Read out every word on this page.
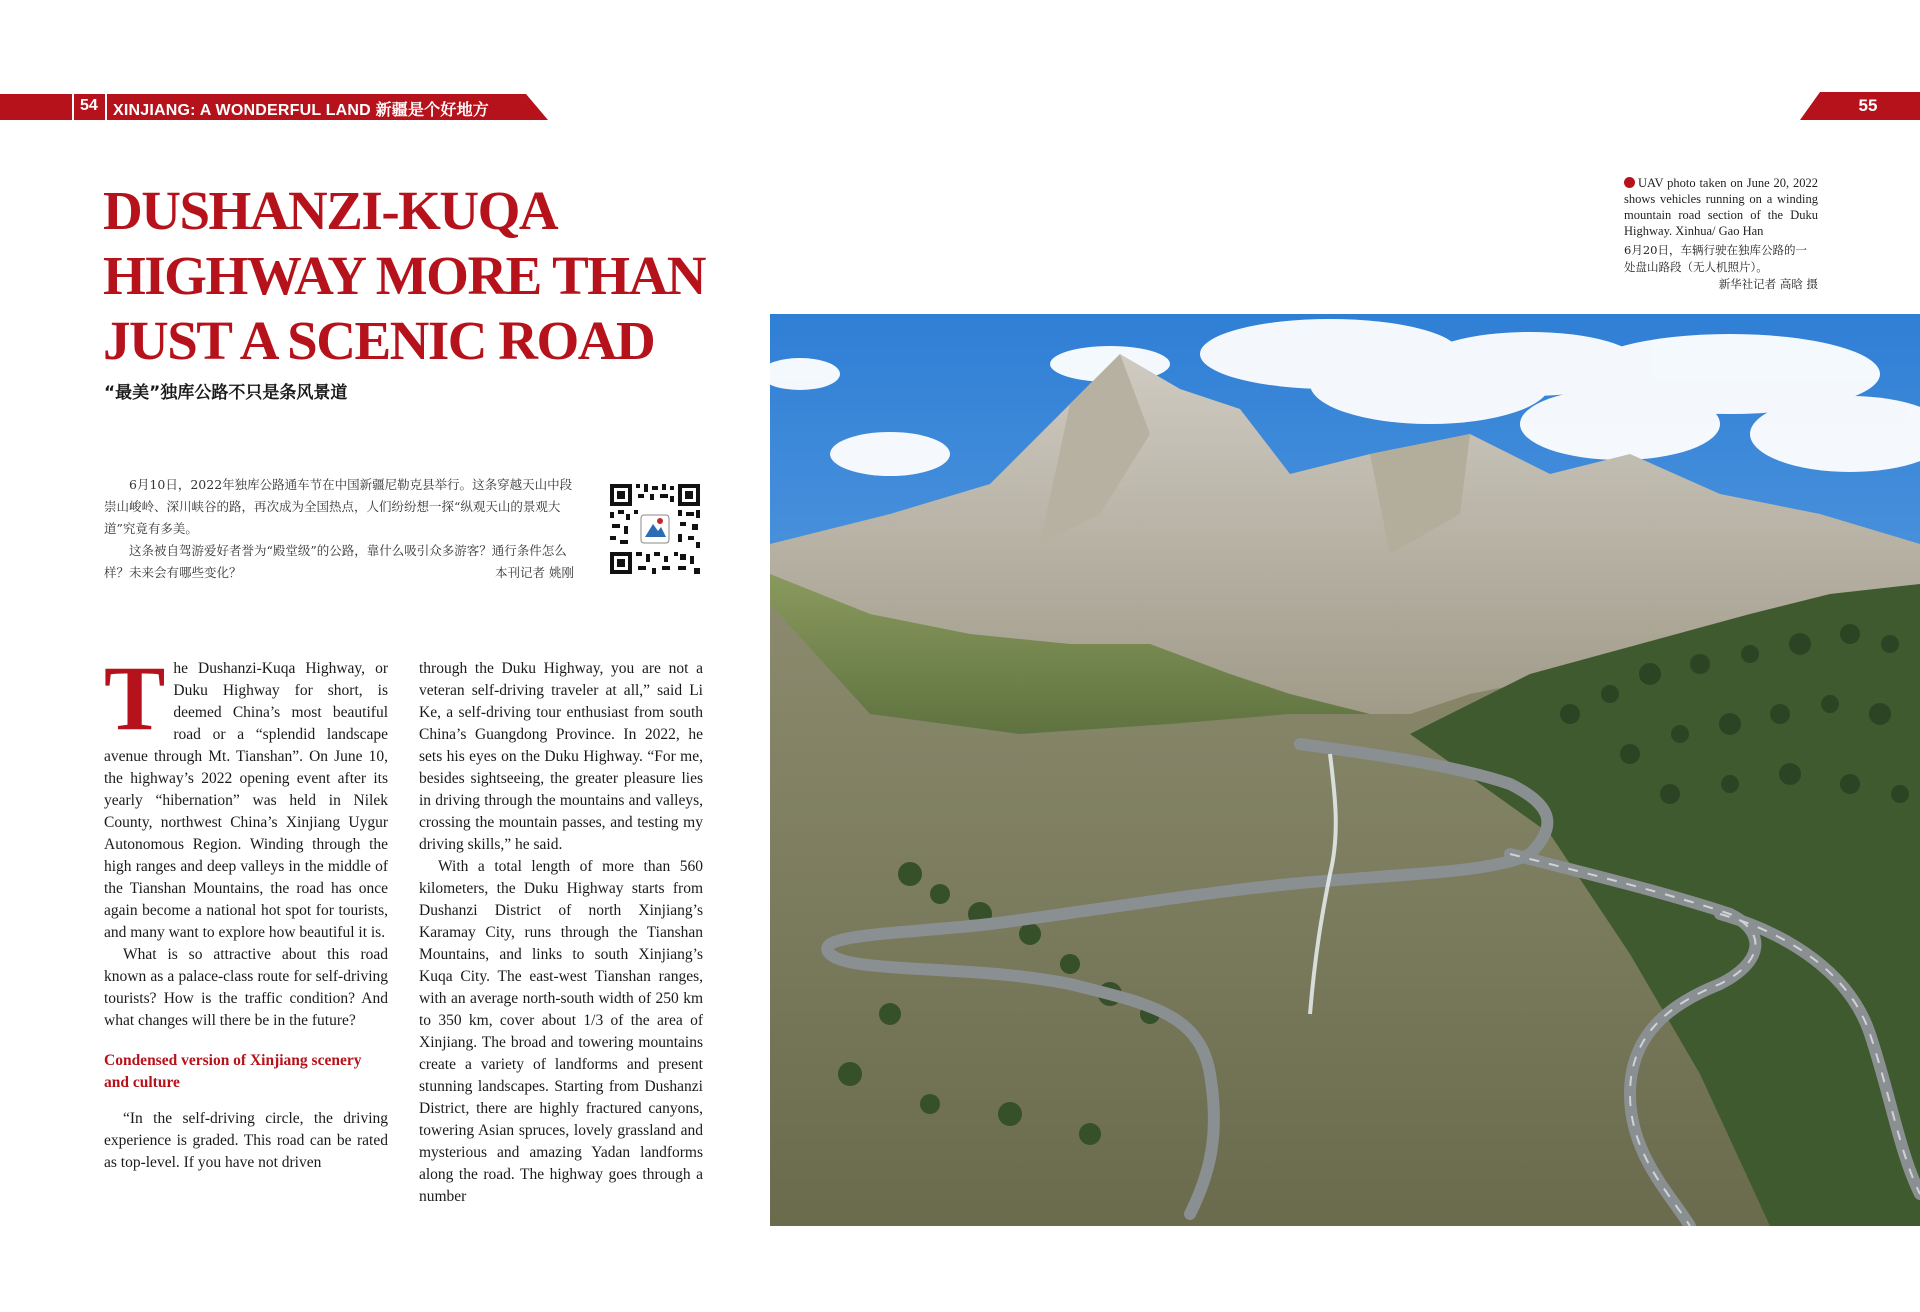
54 XINJIANG: A WONDERFUL LAND 新疆是个好地方	55
DUSHANZI-KUQA HIGHWAY MORE THAN JUST A SCENIC ROAD
“最美”独库公路不只是条风景道

6月10日，2022年独库公路通车节在中国新疆尼勒克县举行。这条穿越天山中段崇山峻岭、深川峡谷的路，再次成为全国热点，人们纷纷想一探“纵观天山的景观大道”究竟有多美。

这条被自驾游爱好者誉为“殿堂级”的公路，靠什么吸引众多游客？通行条件怎么样？未来会有哪些变化？	本刊记者 姚刚

The Dushanzi-Kuqa Highway, or Duku Highway for short, is deemed China’s most beautiful road or a “splendid landscape avenue through Mt. Tianshan”. On June 10, the highway’s 2022 opening event after its yearly “hibernation” was held in Nilek County, northwest China’s Xinjiang Uygur Autonomous Region. Winding through the high ranges and deep valleys in the middle of the Tianshan Mountains, the road has once again become a national hot spot for tourists, and many want to explore how beautiful it is.

What is so attractive about this road known as a palace-class route for self-driving tourists? How is the traffic condition? And what changes will there be in the future?

Condensed version of Xinjiang scenery and culture

“In the self-driving circle, the driving experience is graded. This road can be rated as top-level. If you have not driven

through the Duku Highway, you are not a veteran self-driving traveler at all,” said Li Ke, a self-driving tour enthusiast from south China’s Guangdong Province. In 2022, he sets his eyes on the Duku Highway. “For me, besides sightseeing, the greater pleasure lies in driving through the mountains and valleys, crossing the mountain passes, and testing my driving skills,” he said.

With a total length of more than 560 kilometers, the Duku Highway starts from Dushanzi District of north Xinjiang’s Karamay City, runs through the Tianshan Mountains, and links to south Xinjiang’s Kuqa City. The east-west Tianshan ranges, with an average north-south width of 250 km to 350 km, cover about 1/3 of the area of Xinjiang. The broad and towering mountains create a variety of landforms and present stunning landscapes. Starting from Dushanzi District, there are highly fractured canyons, towering Asian spruces, lovely grassland and mysterious and amazing Yadan landforms along the road. The highway goes through a number

UAV photo taken on June 20, 2022 shows vehicles running on a winding mountain road section of the Duku Highway. Xinhua/ Gao Han
6月20日，车辆行驶在独库公路的一处盘山路段（无人机照片）。
新华社记者 高晗 摄
